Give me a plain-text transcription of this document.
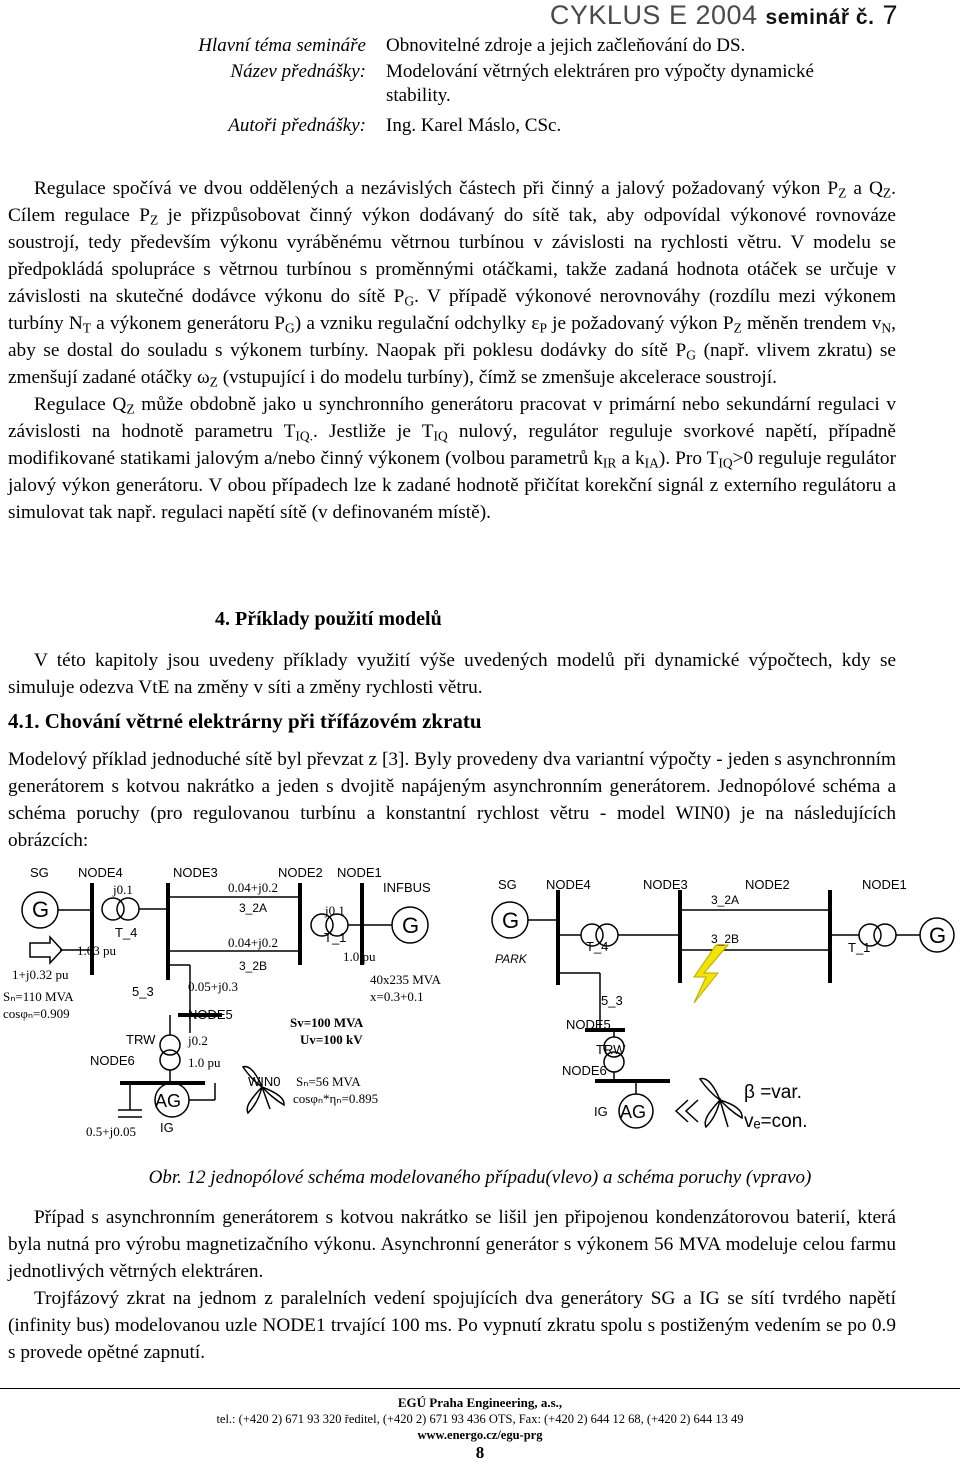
CYKLUS E 2004 seminář č. 7
Hlavní téma semináře Obnovitelné zdroje a jejich začleňování do DS.
Název přednášky: Modelování větrných elektráren pro výpočty dynamické stability.
Autoři přednášky: Ing. Karel Máslo, CSc.

Regulace spočívá ve dvou oddělených a nezávislých částech při činný a jalový požadovaný výkon $P_Z$ a $Q_Z$. Cílem regulace $P_Z$ je přizpůsobovat činný výkon dodávaný do sítě tak, aby odpovídal výkonové rovnováze soustrojí, tedy především výkonu vyráběnému větrnou turbínou v závislosti na rychlosti větru. V modelu se předpokládá spolupráce s větrnou turbínou s proměnnými otáčkami, takže zadaná hodnota otáček se určuje v závislosti na skutečné dodávce výkonu do sítě $P_G$. V případě výkonové nerovnováhy (rozdílu mezi výkonem turbíny $N_T$ a výkonem generátoru $P_G$) a vzniku regulační odchylky $\varepsilon_P$ je požadovaný výkon $P_Z$ měněn trendem $v_N$, aby se dostal do souladu s výkonem turbíny. Naopak při poklesu dodávky do sítě $P_G$ (např. vlivem zkratu) se zmenšují zadané otáčky $\omega_Z$ (vstupující i do modelu turbíny), čímž se zmenšuje akcelerace soustrojí.

Regulace $Q_Z$ může obdobně jako u synchronního generátoru pracovat v primární nebo sekundární regulaci v závislosti na hodnotě parametru $T_{IQ.}$. Jestliže je $T_{IQ}$ nulový, regulátor reguluje svorkové napětí, případně modifikované statikami jalovým a/nebo činný výkonem (volbou parametrů $k_{IR}$ a $k_{IA}$). Pro $T_{IQ}>0$ reguluje regulátor jalový výkon generátoru. V obou případech lze k zadané hodnotě přičítat korekční signál z externího regulátoru a simulovat tak např. regulaci napětí sítě (v definovaném místě).

4. Příklady použití modelů

V této kapitoly jsou uvedeny příklady využití výše uvedených modelů při dynamické výpočtech, kdy se simuluje odezva VtE na změny v síti a změny rychlosti větru.

4.1. Chování větrné elektrárny při třífázovém zkratu

Modelový příklad jednoduché sítě byl převzat z [3]. Byly provedeny dva variantní výpočty - jeden s asynchronním generátorem s kotvou nakrátko a jeden s dvojitě napájeným asynchronním generátorem. Jednopólové schéma a schéma poruchy (pro regulovanou turbínu a konstantní rychlost větru - model WIN0) je na následujících obrázcích:

SG NODE4	NODE3	NODE2 NODE1
j0.1	0.04+j0.2	INFBUS
G	3_2A	j0.1
G
T_4
0.04+j0.2	T_1
1.03 pu	1.0 pu
3_2B
1+j0.32 pu	40x235 MVA
5_3	0.05+j0.3
x=0.3+0.1
Sₙ=110 MVA
cosφₙ=0.909	NODE5
Sv=100 MVA
Uv=100 kV
TRW	j0.2
NODE6	1.0 pu
WIN0 Sₙ=56 MVA
cosφₙ*ηₙ=0.895
AG
0.5+j0.05 IG
SG NODE4	NODE3	NODE2	NODE1
3_2A
G
3_2B	G
T_4	T_1
PARK
5_3
NODE5
TRW
NODE6
IG AG
β =var.
vₑ=con.
Obr. 12 jednopólové schéma modelovaného případu(vlevo) a schéma poruchy (vpravo)

Případ s asynchronním generátorem s kotvou nakrátko se lišil jen připojenou kondenzátorovou baterií, která byla nutná pro výrobu magnetizačního výkonu. Asynchronní generátor s výkonem 56 MVA modeluje celou farmu jednotlivých větrných elektráren.

Trojfázový zkrat na jednom z paralelních vedení spojujících dva generátory SG a IG se sítí tvrdého napětí (infinity bus) modelovanou uzle NODE1 trvající 100 ms. Po vypnutí zkratu spolu s postiženým vedením se po 0.9 s provede opětné zapnutí.

EGÚ Praha Engineering, a.s.,
tel.: (+420 2) 671 93 320 ředitel, (+420 2) 671 93 436 OTS, Fax: (+420 2) 644 12 68, (+420 2) 644 13 49
www.energo.cz/egu-prg
8
